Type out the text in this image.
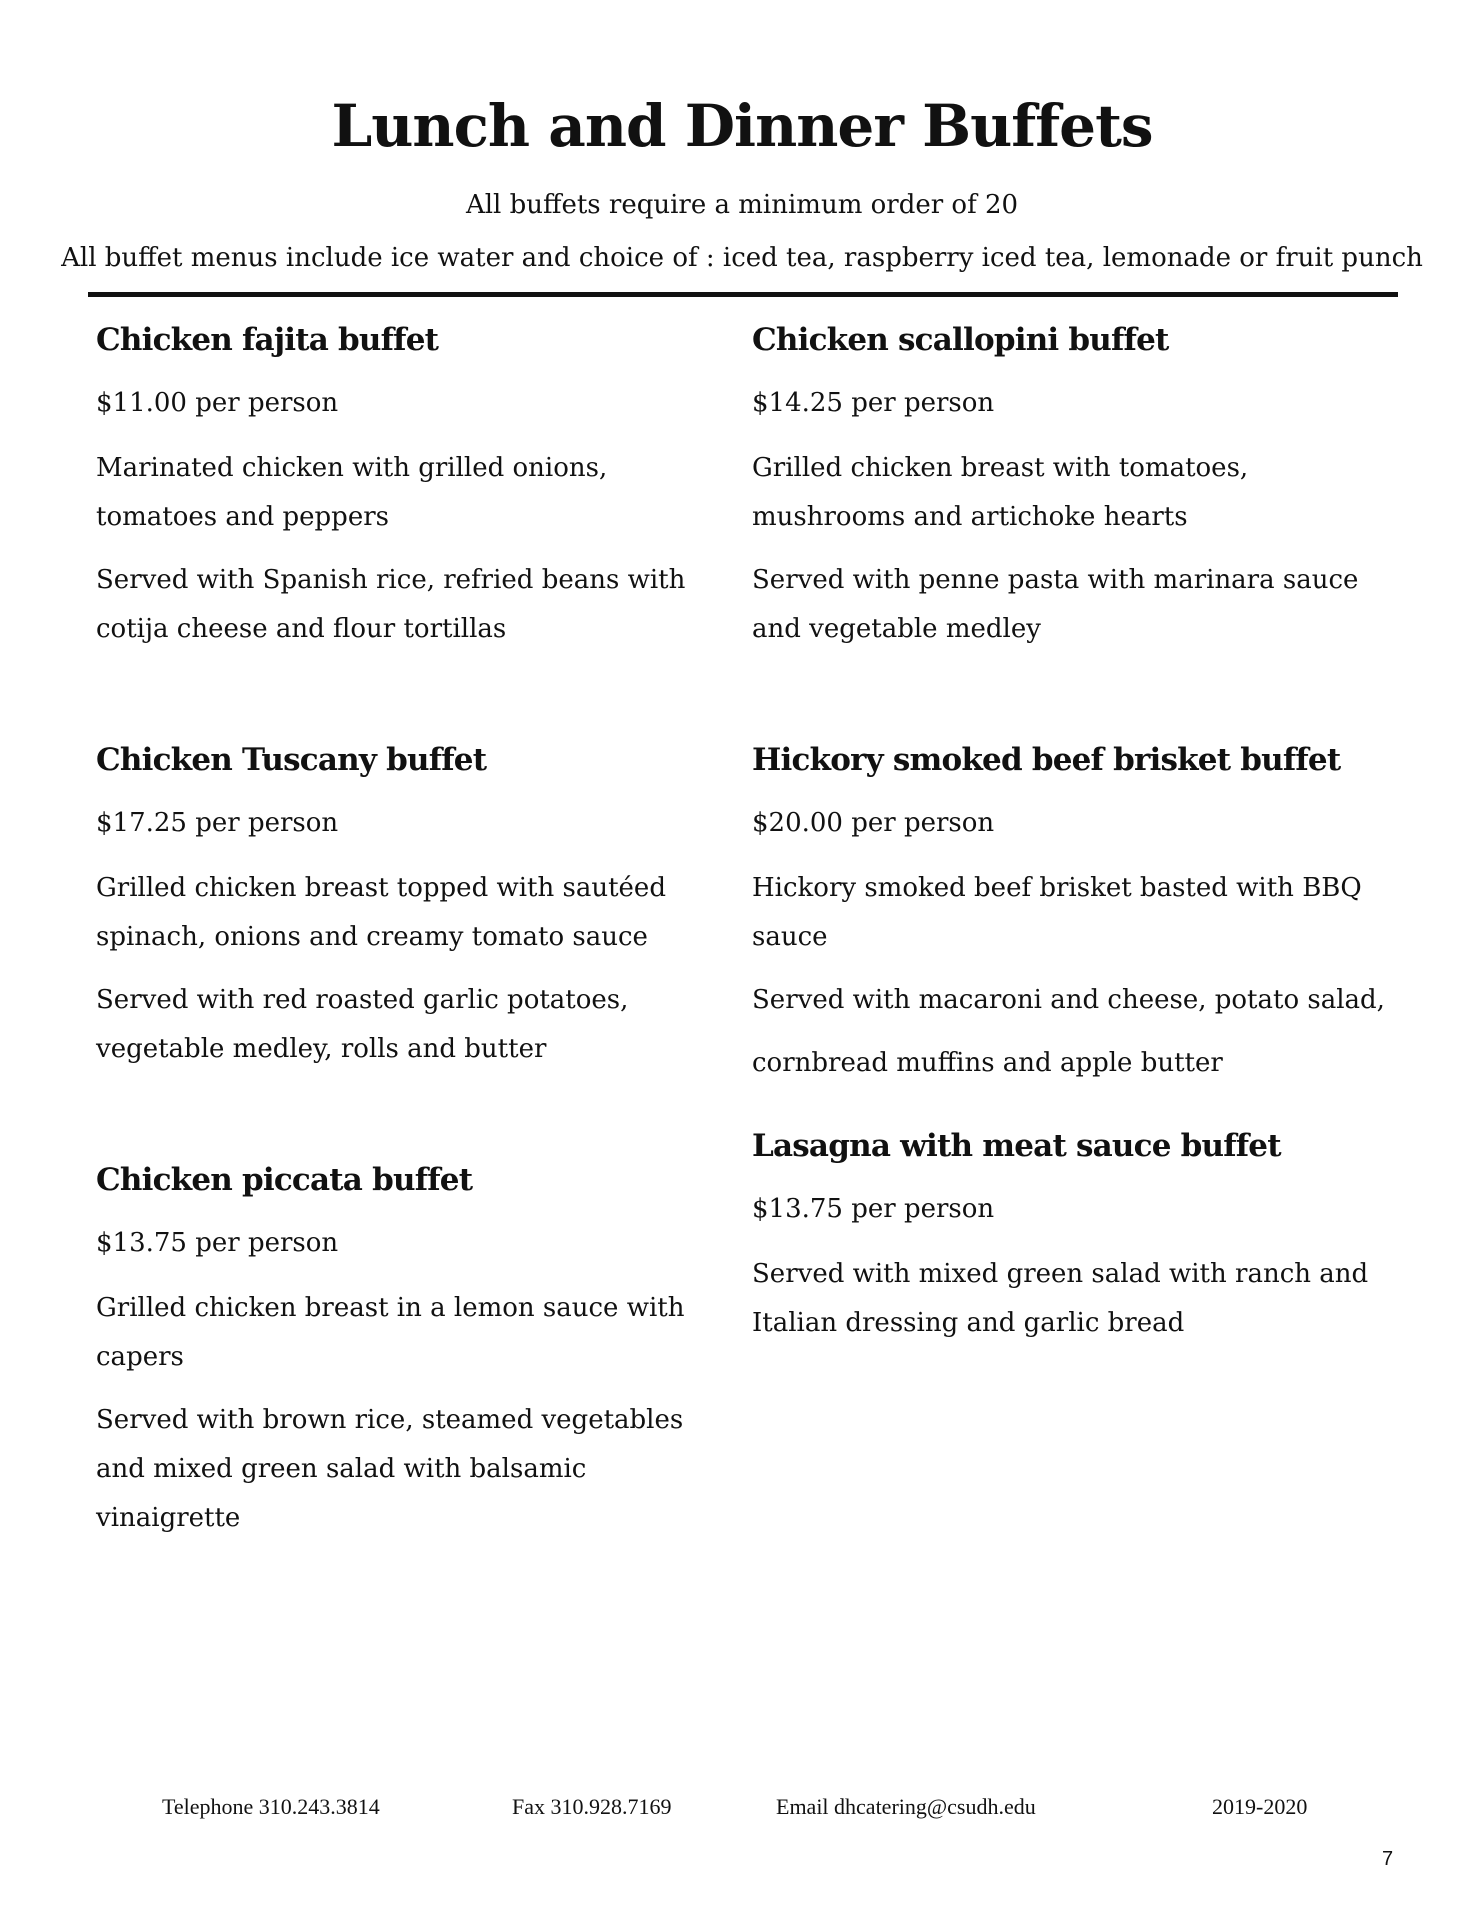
Lunch and Dinner Buffets
All buffets require a minimum order of 20
All buffet menus include ice water and choice of : iced tea, raspberry iced tea, lemonade or fruit punch
Chicken fajita buffet
$11.00 per person

Marinated chicken with grilled onions, tomatoes and peppers

Served with Spanish rice, refried beans with cotija cheese and flour tortillas

Chicken scallopini buffet
$14.25 per person

Grilled chicken breast with tomatoes, mushrooms and artichoke hearts

Served with penne pasta with marinara sauce and vegetable medley

Chicken Tuscany buffet
$17.25 per person

Grilled chicken breast topped with sautéed spinach, onions and creamy tomato sauce

Served with red roasted garlic potatoes, vegetable medley, rolls and butter

Hickory smoked beef brisket buffet
$20.00 per person

Hickory smoked beef brisket basted with BBQ sauce

Served with macaroni and cheese, potato salad,

cornbread muffins and apple butter

Chicken piccata buffet
$13.75 per person

Grilled chicken breast in a lemon sauce with capers

Served with brown rice, steamed vegetables and mixed green salad with balsamic vinaigrette

Lasagna with meat sauce buffet
$13.75 per person

Served with mixed green salad with ranch and Italian dressing and garlic bread

Telephone 310.243.3814	Fax 310.928.7169	Email dhcatering@csudh.edu	2019-2020
7
